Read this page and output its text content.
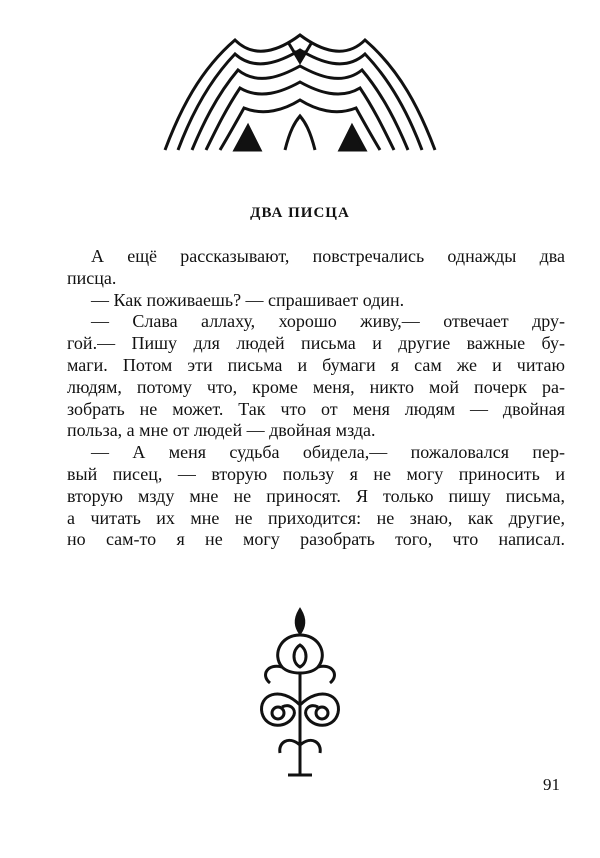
ДВА ПИСЦА
А ещё рассказывают, повстречались однажды два
писца.
— Как поживаешь? — спрашивает один.
— Слава аллаху, хорошо живу,— отвечает дру-
гой.— Пишу для людей письма и другие важные бу-
маги. Потом эти письма и бумаги я сам же и читаю
людям, потому что, кроме меня, никто мой почерк ра-
зобрать не может. Так что от меня людям — двойная
польза, а мне от людей — двойная мзда.
— А меня судьба обидела,— пожаловался пер-
вый писец, — вторую пользу я не могу приносить и
вторую мзду мне не приносят. Я только пишу письма,
а читать их мне не приходится: не знаю, как другие,
но сам-то я не могу разобрать того, что написал.
91
